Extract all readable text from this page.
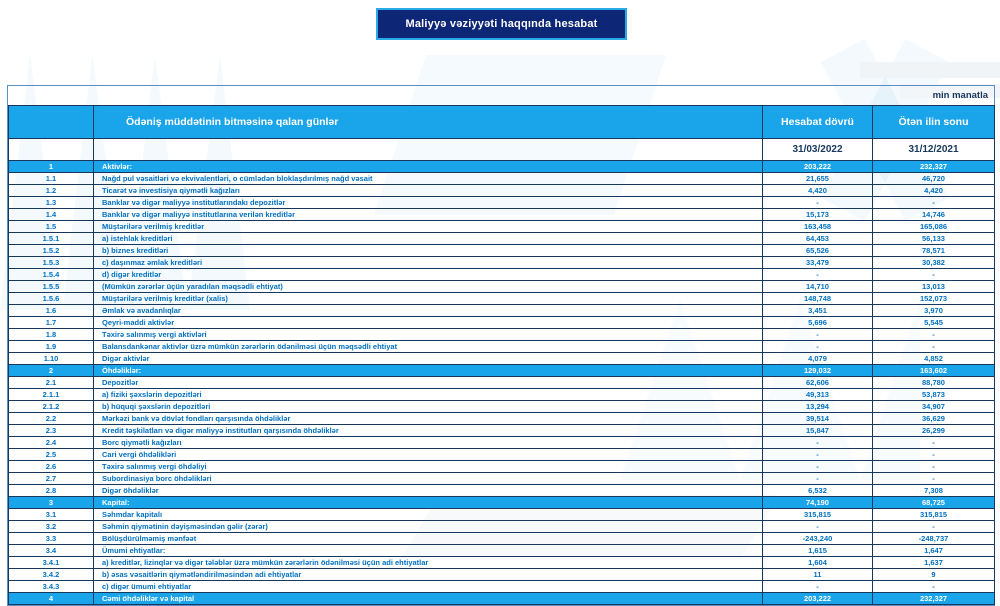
Maliyyə vəziyyəti haqqında hesabat
min manatla
	Ödəniş müddətinin bitməsinə qalan günlər	Hesabat dövrü	Ötən ilin sonu
		31/03/2022	31/12/2021
1	Aktivlər:	203,222	232,327
1.1	Nağd pul vəsaitləri və ekvivalentləri, o cümlədən bloklaşdırılmış nağd vəsait	21,655	46,720
1.2	Ticarət və investisiya qiymətli kağızları	4,420	4,420
1.3	Banklar və digər maliyyə institutlarındakı depozitlər	-	-
1.4	Banklar və digər maliyyə institutlarına verilən kreditlər	15,173	14,746
1.5	Müştərilərə verilmiş kreditlər	163,458	165,086
1.5.1	a) istehlak kreditləri	64,453	56,133
1.5.2	b) biznes kreditləri	65,526	78,571
1.5.3	c) daşınmaz əmlak kreditləri	33,479	30,382
1.5.4	d) digər kreditlər	-	-
1.5.5	(Mümkün zərərlər üçün yaradılan məqsədli ehtiyat)	14,710	13,013
1.5.6	Müştərilərə verilmiş kreditlər (xalis)	148,748	152,073
1.6	Əmlak və avadanlıqlar	3,451	3,970
1.7	Qeyri-maddi aktivlər	5,696	5,545
1.8	Təxirə salınmış vergi aktivləri	-	-
1.9	Balansdankənar aktivlər üzrə mümkün zərərlərin ödənilməsi üçün məqsədli ehtiyat	-	-
1.10	Digər aktivlər	4,079	4,852
2	Öhdəliklər:	129,032	163,602
2.1	Depozitlər	62,606	88,780
2.1.1	a) fiziki şəxslərin depozitləri	49,313	53,873
2.1.2	b) hüquqi şəxslərin depozitləri	13,294	34,907
2.2	Mərkəzi bank və dövlət fondları qarşısında öhdəliklər	39,514	36,629
2.3	Kredit təşkilatları və digər maliyyə institutları qarşısında öhdəliklər	15,847	26,299
2.4	Borc qiymətli kağızları	-	-
2.5	Cari vergi öhdəlikləri	-	-
2.6	Təxirə salınmış vergi öhdəliyi	-	-
2.7	Subordinasiya borc öhdəlikləri	-	-
2.8	Digər öhdəliklər	6,532	7,308
3	Kapital:	74,190	68,725
3.1	Səhmdar kapitalı	315,815	315,815
3.2	Səhmin qiymətinin dəyişməsindən gəlir (zərər)	-	-
3.3	Bölüşdürülməmiş mənfəət	-243,240	-248,737
3.4	Ümumi ehtiyatlar:	1,615	1,647
3.4.1	a) kreditlər, lizinqlər və digər tələblər üzrə mümkün zərərlərin ödənilməsi üçün adi ehtiyatlar	1,604	1,637
3.4.2	b) əsas vəsaitlərin qiymətləndirilməsindən adi ehtiyatlar	11	9
3.4.3	c) digər ümumi ehtiyatlar	-	-
4	Cəmi öhdəliklər və kapital	203,222	232,327
